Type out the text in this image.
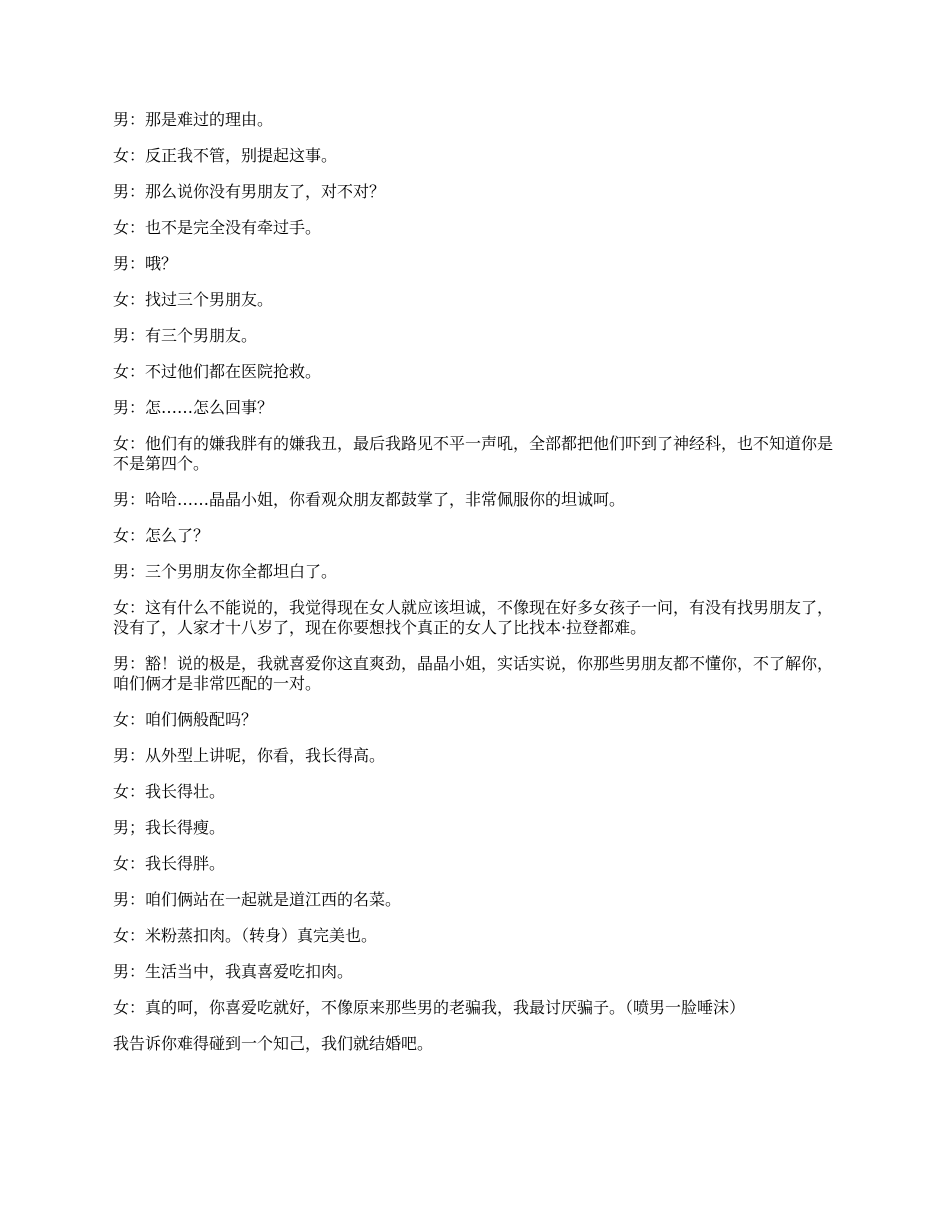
男：那是难过的理由。

女：反正我不管，别提起这事。

男：那么说你没有男朋友了，对不对？

女：也不是完全没有牵过手。

男：哦？

女：找过三个男朋友。

男：有三个男朋友。

女：不过他们都在医院抢救。

男：怎……怎么回事？

女：他们有的嫌我胖有的嫌我丑，最后我路见不平一声吼，全部都把他们吓到了神经科，也不知道你是不是第四个。

男：哈哈……晶晶小姐，你看观众朋友都鼓掌了，非常佩服你的坦诚呵。

女：怎么了？

男：三个男朋友你全都坦白了。

女：这有什么不能说的，我觉得现在女人就应该坦诚，不像现在好多女孩子一问，有没有找男朋友了，没有了，人家才十八岁了，现在你要想找个真正的女人了比找本·拉登都难。

男：豁！说的极是，我就喜爱你这直爽劲，晶晶小姐，实话实说，你那些男朋友都不懂你，不了解你，咱们俩才是非常匹配的一对。

女：咱们俩般配吗？

男：从外型上讲呢，你看，我长得高。

女：我长得壮。

男；我长得瘦。

女：我长得胖。

男：咱们俩站在一起就是道江西的名菜。

女：米粉蒸扣肉。（转身）真完美也。

男：生活当中，我真喜爱吃扣肉。

女：真的呵，你喜爱吃就好，不像原来那些男的老骗我，我最讨厌骗子。（喷男一脸唾沫）

我告诉你难得碰到一个知己，我们就结婚吧。
